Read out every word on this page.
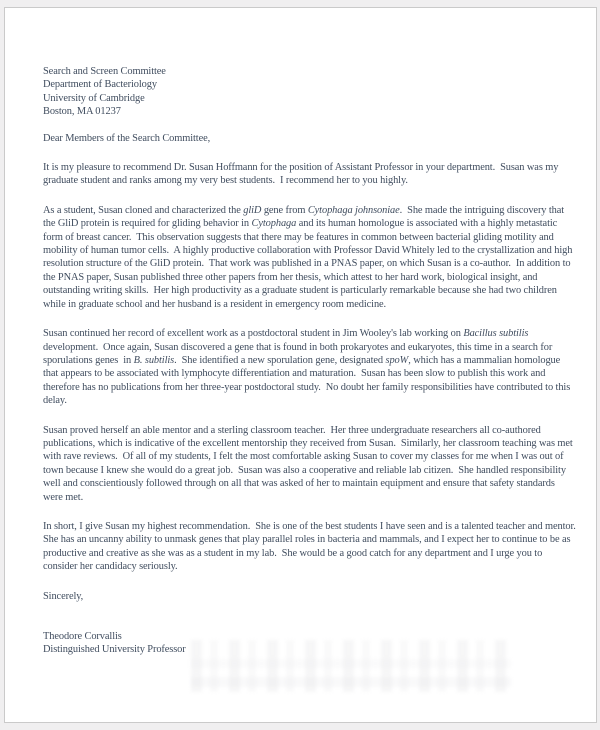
Search and Screen Committee
Department of Bacteriology
University of Cambridge
Boston, MA 01237

Dear Members of the Search Committee,

It is my pleasure to recommend Dr. Susan Hoffmann for the position of Assistant Professor in your department.  Susan was my graduate student and ranks among my very best students.  I recommend her to you highly.

As a student, Susan cloned and characterized the gliD gene from Cytophaga johnsoniae.  She made the intriguing discovery that the GliD protein is required for gliding behavior in Cytophaga and its human homologue is associated with a highly metastatic form of breast cancer.  This observation suggests that there may be features in common between bacterial gliding motility and mobility of human tumor cells.  A highly productive collaboration with Professor David Whitely led to the crystallization and high resolution structure of the GliD protein.  That work was published in a PNAS paper, on which Susan is a co-author.  In addition to the PNAS paper, Susan published three other papers from her thesis, which attest to her hard work, biological insight, and outstanding writing skills.  Her high productivity as a graduate student is particularly remarkable because she had two children while in graduate school and her husband is a resident in emergency room medicine.

Susan continued her record of excellent work as a postdoctoral student in Jim Wooley's lab working on Bacillus subtilis development.  Once again, Susan discovered a gene that is found in both prokaryotes and eukaryotes, this time in a search for sporulations genes  in B. subtilis.  She identified a new sporulation gene, designated spoW, which has a mammalian homologue that appears to be associated with lymphocyte differentiation and maturation.  Susan has been slow to publish this work and therefore has no publications from her three-year postdoctoral study.  No doubt her family responsibilities have contributed to this delay.

Susan proved herself an able mentor and a sterling classroom teacher.  Her three undergraduate researchers all co-authored publications, which is indicative of the excellent mentorship they received from Susan.  Similarly, her classroom teaching was met with rave reviews.  Of all of my students, I felt the most comfortable asking Susan to cover my classes for me when I was out of town because I knew she would do a great job.  Susan was also a cooperative and reliable lab citizen.  She handled responsibility well and conscientiously followed through on all that was asked of her to maintain equipment and ensure that safety standards were met.

In short, I give Susan my highest recommendation.  She is one of the best students I have seen and is a talented teacher and mentor.  She has an uncanny ability to unmask genes that play parallel roles in bacteria and mammals, and I expect her to continue to be as productive and creative as she was as a student in my lab.  She would be a good catch for any department and I urge you to consider her candidacy seriously.

Sincerely,

Theodore Corvallis
Distinguished University Professor
